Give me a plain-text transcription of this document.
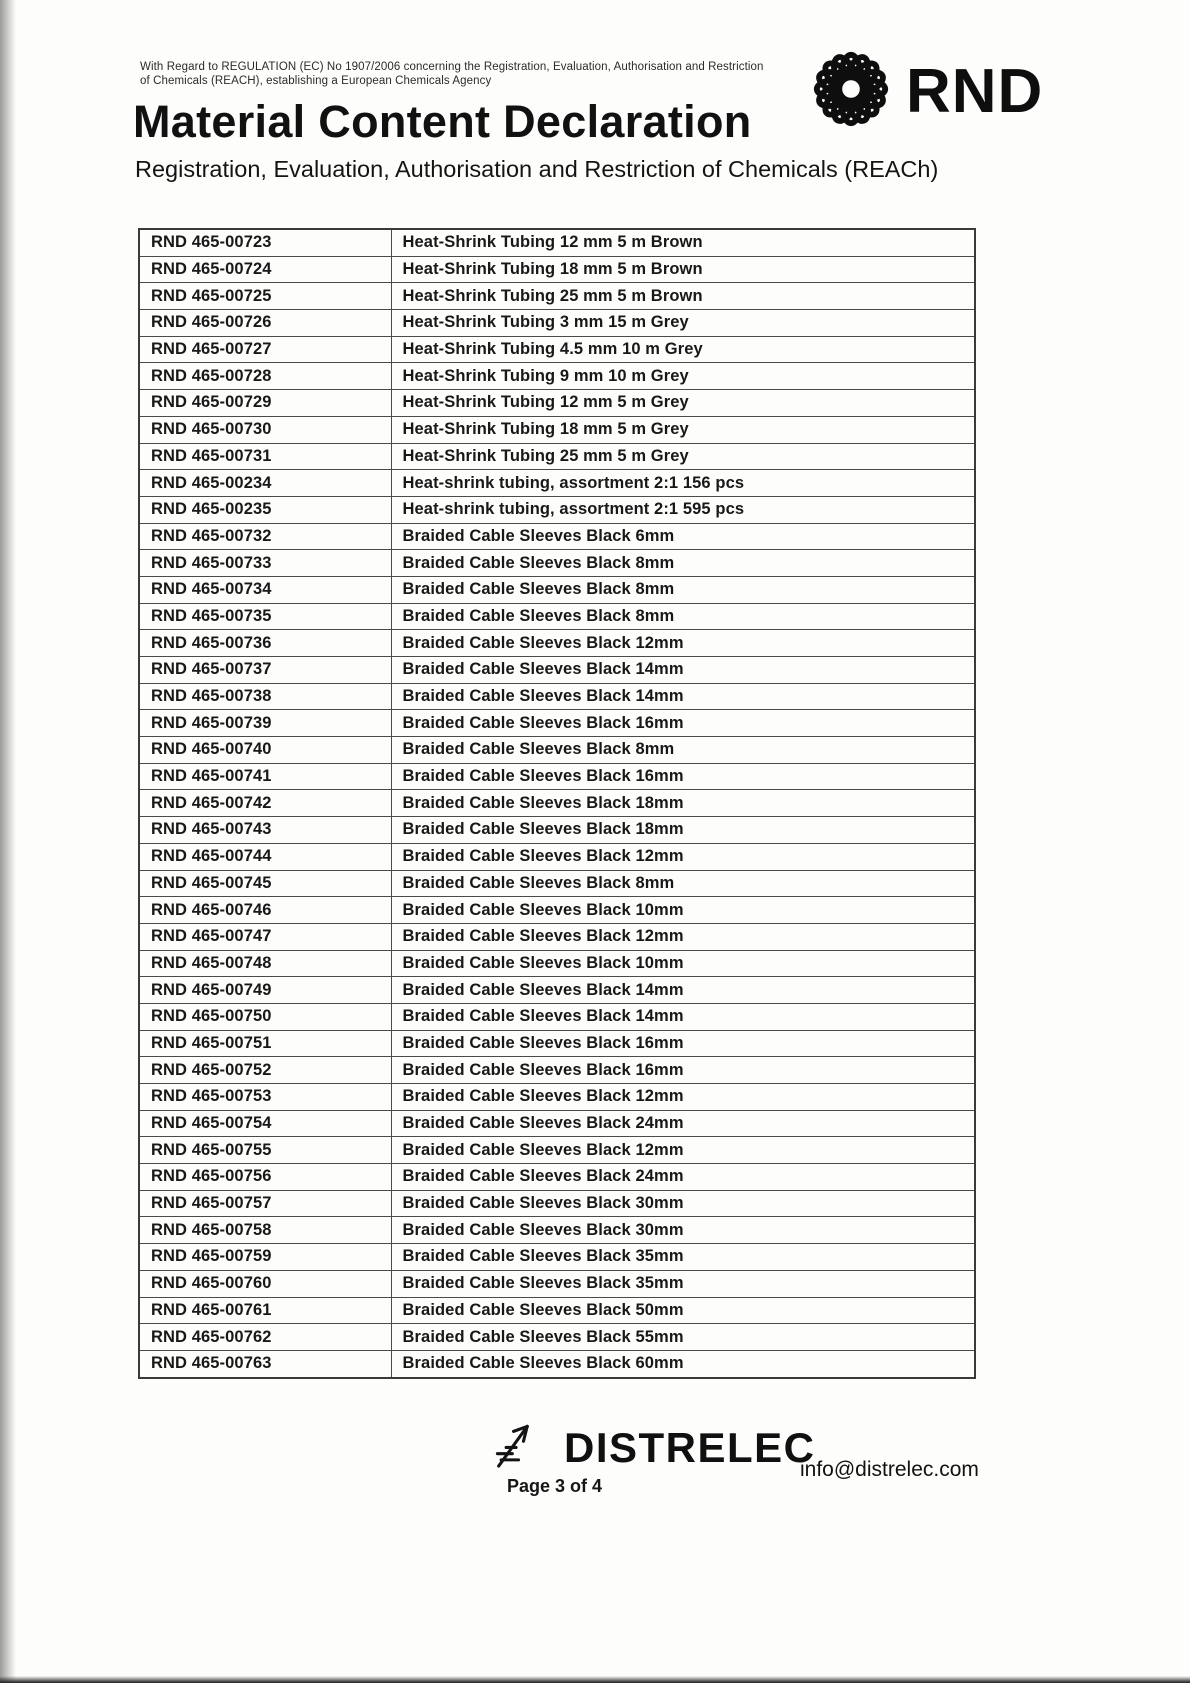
With Regard to REGULATION (EC) No 1907/2006 concerning the Registration, Evaluation, Authorisation and Restriction
of Chemicals (REACH), establishing a European Chemicals Agency	RND
Material Content Declaration
Registration, Evaluation, Authorisation and Restriction of Chemicals (REACh)
RND 465-00723	Heat-Shrink Tubing 12 mm 5 m Brown
RND 465-00724	Heat-Shrink Tubing 18 mm 5 m Brown
RND 465-00725	Heat-Shrink Tubing 25 mm 5 m Brown
RND 465-00726	Heat-Shrink Tubing 3 mm 15 m Grey
RND 465-00727	Heat-Shrink Tubing 4.5 mm 10 m Grey
RND 465-00728	Heat-Shrink Tubing 9 mm 10 m Grey
RND 465-00729	Heat-Shrink Tubing 12 mm 5 m Grey
RND 465-00730	Heat-Shrink Tubing 18 mm 5 m Grey
RND 465-00731	Heat-Shrink Tubing 25 mm 5 m Grey
RND 465-00234	Heat-shrink tubing, assortment 2:1 156 pcs
RND 465-00235	Heat-shrink tubing, assortment 2:1 595 pcs
RND 465-00732	Braided Cable Sleeves Black 6mm
RND 465-00733	Braided Cable Sleeves Black 8mm
RND 465-00734	Braided Cable Sleeves Black 8mm
RND 465-00735	Braided Cable Sleeves Black 8mm
RND 465-00736	Braided Cable Sleeves Black 12mm
RND 465-00737	Braided Cable Sleeves Black 14mm
RND 465-00738	Braided Cable Sleeves Black 14mm
RND 465-00739	Braided Cable Sleeves Black 16mm
RND 465-00740	Braided Cable Sleeves Black 8mm
RND 465-00741	Braided Cable Sleeves Black 16mm
RND 465-00742	Braided Cable Sleeves Black 18mm
RND 465-00743	Braided Cable Sleeves Black 18mm
RND 465-00744	Braided Cable Sleeves Black 12mm
RND 465-00745	Braided Cable Sleeves Black 8mm
RND 465-00746	Braided Cable Sleeves Black 10mm
RND 465-00747	Braided Cable Sleeves Black 12mm
RND 465-00748	Braided Cable Sleeves Black 10mm
RND 465-00749	Braided Cable Sleeves Black 14mm
RND 465-00750	Braided Cable Sleeves Black 14mm
RND 465-00751	Braided Cable Sleeves Black 16mm
RND 465-00752	Braided Cable Sleeves Black 16mm
RND 465-00753	Braided Cable Sleeves Black 12mm
RND 465-00754	Braided Cable Sleeves Black 24mm
RND 465-00755	Braided Cable Sleeves Black 12mm
RND 465-00756	Braided Cable Sleeves Black 24mm
RND 465-00757	Braided Cable Sleeves Black 30mm
RND 465-00758	Braided Cable Sleeves Black 30mm
RND 465-00759	Braided Cable Sleeves Black 35mm
RND 465-00760	Braided Cable Sleeves Black 35mm
RND 465-00761	Braided Cable Sleeves Black 50mm
RND 465-00762	Braided Cable Sleeves Black 55mm
RND 465-00763	Braided Cable Sleeves Black 60mm
DISTRELEC
Page 3 of 4
info@distrelec.com
